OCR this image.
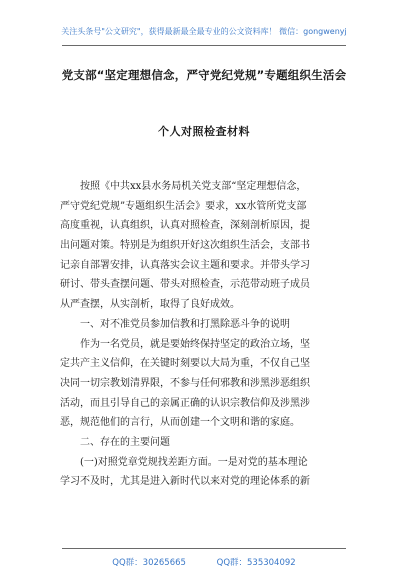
关注头条号"公文研究"，获得最新最全最专业的公文资料库！ 微信：gongwenyj
党支部“坚定理想信念，严守党纪党规”专题组织生活会
个人对照检查材料
按照《中共xx县水务局机关党支部“坚定理想信念，
严守党纪党规”专题组织生活会》要求，xx水管所党支部
高度重视，认真组织，认真对照检查，深刻剖析原因，提
出问题对策。特别是为组织开好这次组织生活会，支部书
记亲自部署安排，认真落实会议主题和要求。并带头学习
研讨、带头查摆问题、带头对照检查，示范带动班子成员
从严查摆，从实剖析，取得了良好成效。
一、对不准党员参加信教和打黑除恶斗争的说明
作为一名党员，就是要始终保持坚定的政治立场，坚
定共产主义信仰，在关键时刻要以大局为重，不仅自己坚
决同一切宗教划清界限，不参与任何邪教和涉黑涉恶组织
活动，而且引导自己的亲属正确的认识宗教信仰及涉黑涉
恶，规范他们的言行，从而创建一个文明和谐的家庭。
二、存在的主要问题
(一)对照党章党规找差距方面。一是对党的基本理论
学习不及时，尤其是进入新时代以来对党的理论体系的新
QQ群：30265665	QQ群：535304092
